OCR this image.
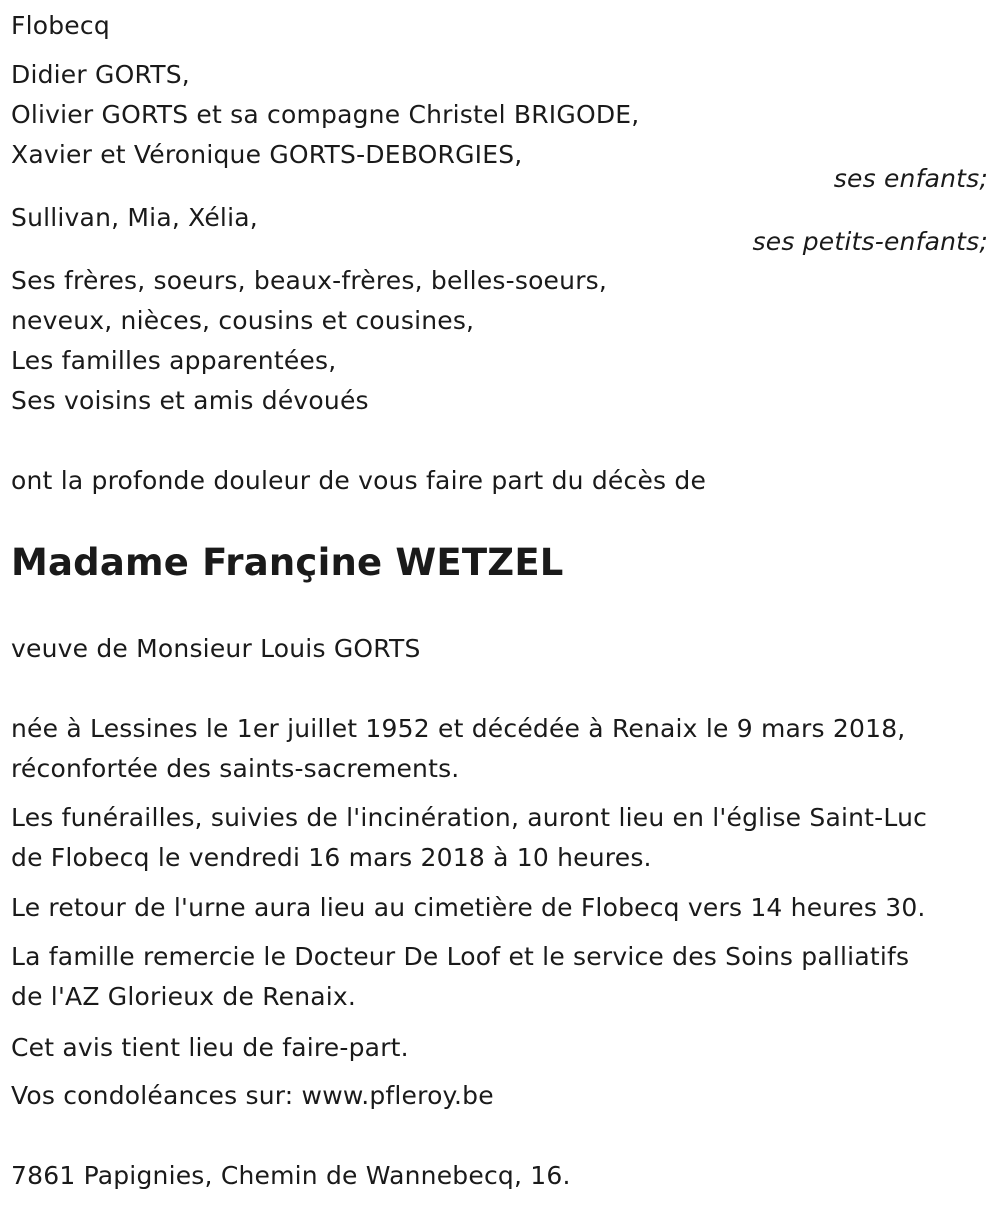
Flobecq
Didier GORTS,
Olivier GORTS et sa compagne Christel BRIGODE,
Xavier et Véronique GORTS-DEBORGIES,
ses enfants;
Sullivan, Mia, Xélia,
ses petits-enfants;
Ses frères, soeurs, beaux-frères, belles-soeurs,
neveux, nièces, cousins et cousines,
Les familles apparentées,
Ses voisins et amis dévoués
ont la profonde douleur de vous faire part du décès de
Madame Françine WETZEL
veuve de Monsieur Louis GORTS
née à Lessines le 1er juillet 1952 et décédée à Renaix le 9 mars 2018,
réconfortée des saints-sacrements.
Les funérailles, suivies de l'incinération, auront lieu en l'église Saint-Luc
de Flobecq le vendredi 16 mars 2018 à 10 heures.
Le retour de l'urne aura lieu au cimetière de Flobecq vers 14 heures 30.
La famille remercie le Docteur De Loof et le service des Soins palliatifs
de l'AZ Glorieux de Renaix.
Cet avis tient lieu de faire-part.
Vos condoléances sur: www.pfleroy.be
7861 Papignies, Chemin de Wannebecq, 16.
